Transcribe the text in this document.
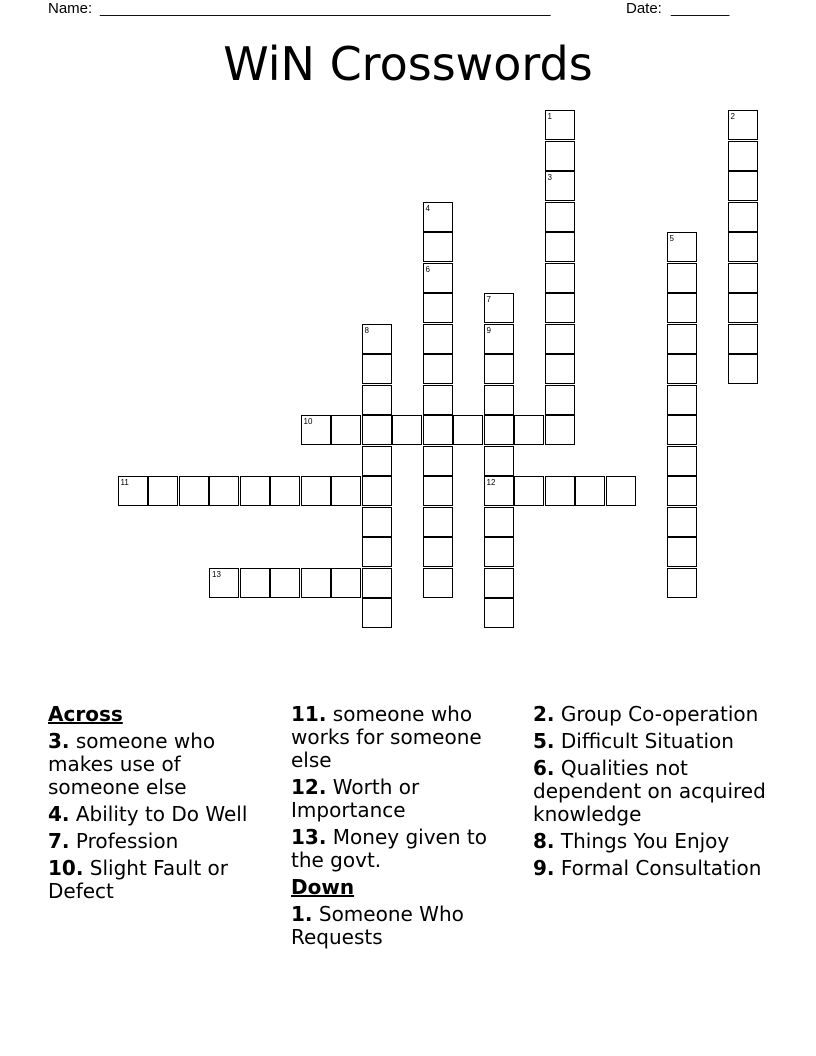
Name: ______________________________________________________	Date: _______
WiN Crosswords
1
3
2
4
6
5
7
9
12
8
10
11
13
Across
3. someone who makes use of someone else
4. Ability to Do Well
7. Profession
10. Slight Fault or Defect
11. someone who works for someone else
12. Worth or Importance
13. Money given to the govt.
Down
1. Someone Who Requests
2. Group Co-operation
5. Difficult Situation
6. Qualities not dependent on acquired knowledge
8. Things You Enjoy
9. Formal Consultation
